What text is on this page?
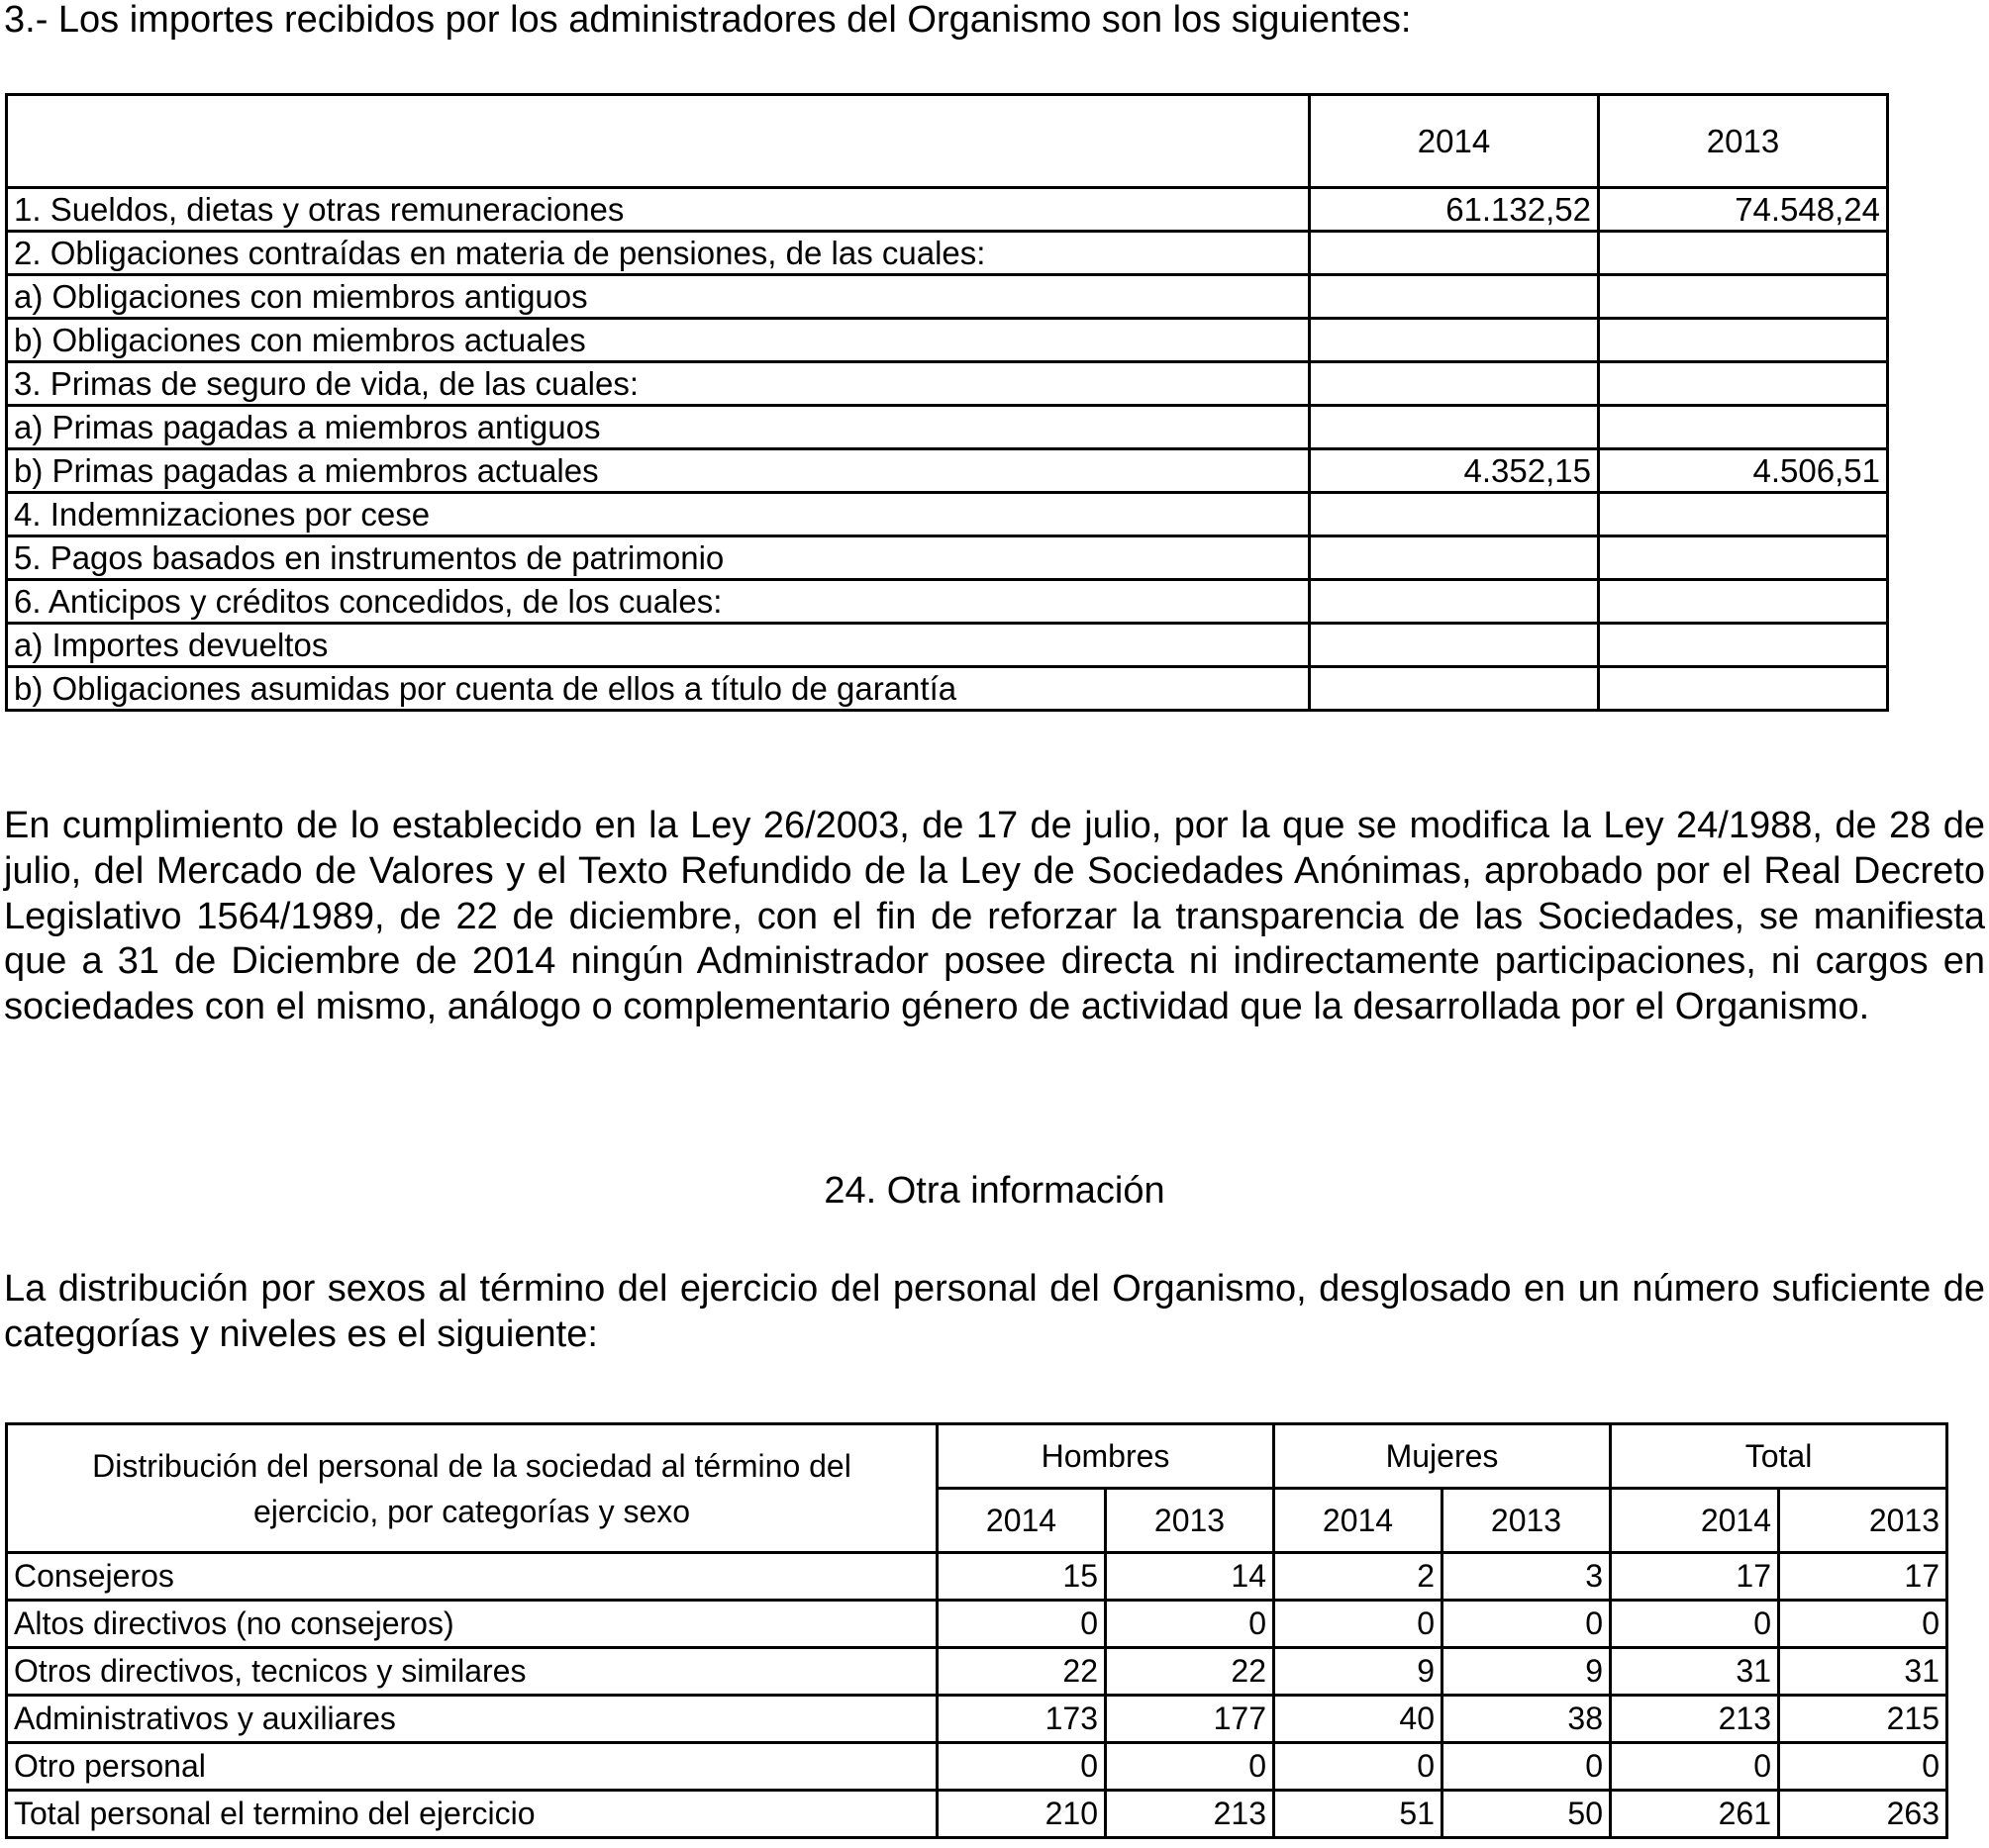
3.- Los importes recibidos por los administradores del Organismo son los siguientes:

	2014	2013
1. Sueldos, dietas y otras remuneraciones	61.132,52	74.548,24
2. Obligaciones contraídas en materia de pensiones, de las cuales:		
a) Obligaciones con miembros antiguos		
b) Obligaciones con miembros actuales		
3. Primas de seguro de vida, de las cuales:		
a) Primas pagadas a miembros antiguos		
b) Primas pagadas a miembros actuales	4.352,15	4.506,51
4. Indemnizaciones por cese		
5. Pagos basados en instrumentos de patrimonio		
6. Anticipos y créditos concedidos, de los cuales:		
a) Importes devueltos		
b) Obligaciones asumidas por cuenta de ellos a título de garantía		

En cumplimiento de lo establecido en la Ley 26/2003, de 17 de julio, por la que se modifica la Ley 24/1988, de 28 de julio, del Mercado de Valores y el Texto Refundido de la Ley de Sociedades Anónimas, aprobado por el Real Decreto Legislativo 1564/1989, de 22 de diciembre, con el fin de reforzar la transparencia de las Sociedades, se manifiesta que a 31 de Diciembre de 2014 ningún Administrador posee directa ni indirectamente participaciones, ni cargos en sociedades con el mismo, análogo o complementario género de actividad que la desarrollada por el Organismo.

24. Otra información

La distribución por sexos al término del ejercicio del personal del Organismo, desglosado en un número suficiente de categorías y niveles es el siguiente:

Distribución del personal de la sociedad al término del ejercicio, por categorías y sexo	Hombres		Mujeres		Total	
	2014	2013	2014	2013	2014	2013
Consejeros	15	14	2	3	17	17
Altos directivos (no consejeros)	0	0	0	0	0	0
Otros directivos, tecnicos y similares	22	22	9	9	31	31
Administrativos y auxiliares	173	177	40	38	213	215
Otro personal	0	0	0	0	0	0
Total personal el termino del ejercicio	210	213	51	50	261	263
